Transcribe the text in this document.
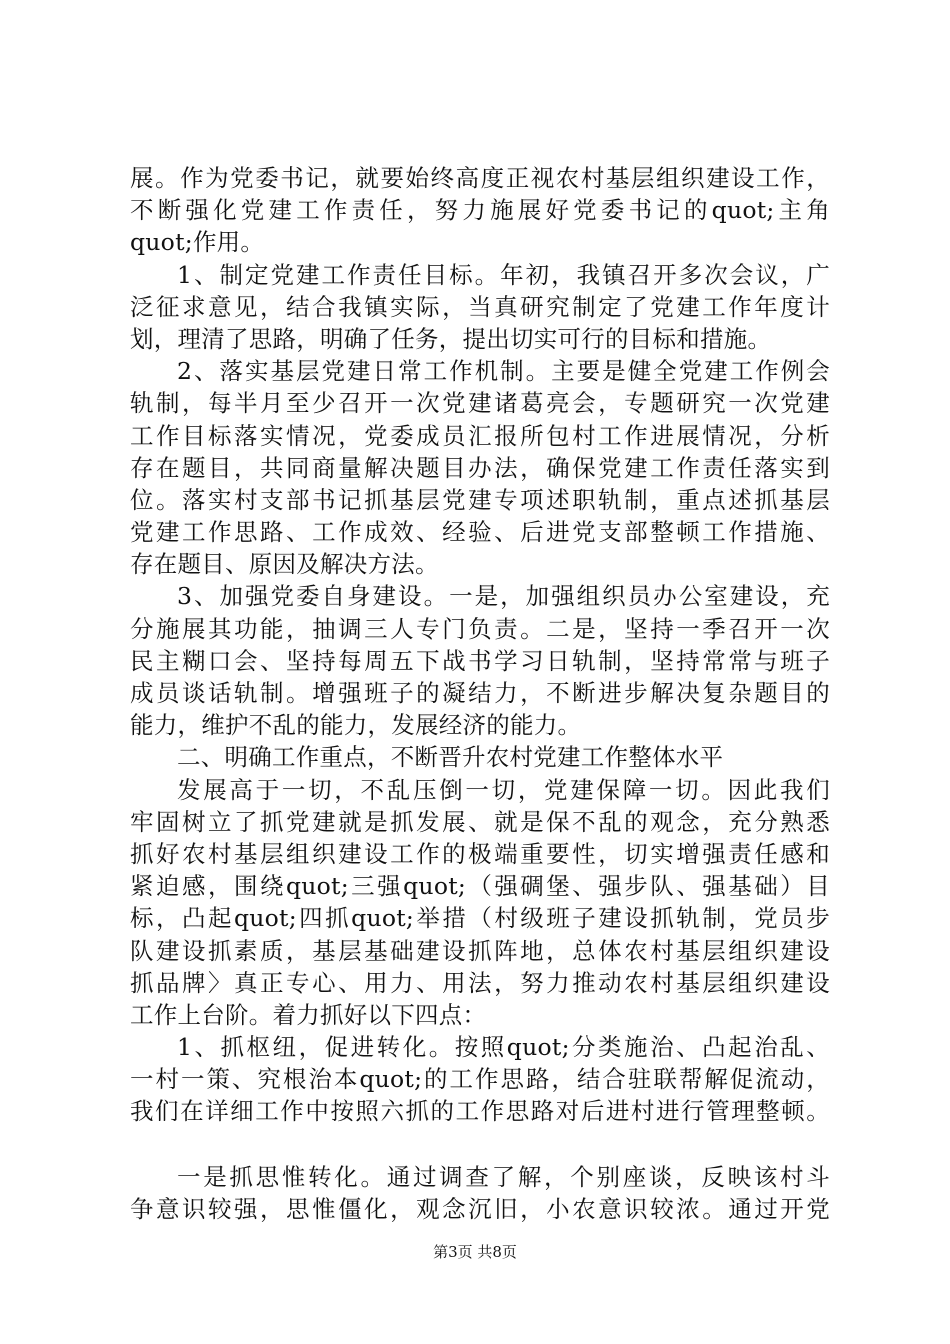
展。作为党委书记，就要始终高度正视农村基层组织建设工作，
不断强化党建工作责任，努力施展好党委书记的quot;主角
quot;作用。
1、制定党建工作责任目标。年初，我镇召开多次会议，广
泛征求意见，结合我镇实际，当真研究制定了党建工作年度计
划，理清了思路，明确了任务，提出切实可行的目标和措施。
2、落实基层党建日常工作机制。主要是健全党建工作例会
轨制，每半月至少召开一次党建诸葛亮会，专题研究一次党建
工作目标落实情况，党委成员汇报所包村工作进展情况，分析
存在题目，共同商量解决题目办法，确保党建工作责任落实到
位。落实村支部书记抓基层党建专项述职轨制，重点述抓基层
党建工作思路、工作成效、经验、后进党支部整顿工作措施、
存在题目、原因及解决方法。
3、加强党委自身建设。一是，加强组织员办公室建设，充
分施展其功能，抽调三人专门负责。二是，坚持一季召开一次
民主糊口会、坚持每周五下战书学习日轨制，坚持常常与班子
成员谈话轨制。增强班子的凝结力，不断进步解决复杂题目的
能力，维护不乱的能力，发展经济的能力。
二、明确工作重点，不断晋升农村党建工作整体水平
发展高于一切，不乱压倒一切，党建保障一切。因此我们
牢固树立了抓党建就是抓发展、就是保不乱的观念，充分熟悉
抓好农村基层组织建设工作的极端重要性，切实增强责任感和
紧迫感，围绕quot;三强quot;（强碉堡、强步队、强基础）目
标，凸起quot;四抓quot;举措（村级班子建设抓轨制，党员步
队建设抓素质，基层基础建设抓阵地，总体农村基层组织建设
抓品牌〉真正专心、用力、用法，努力推动农村基层组织建设
工作上台阶。着力抓好以下四点：
1、抓枢纽，促进转化。按照quot;分类施治、凸起治乱、
一村一策、究根治本quot;的工作思路，结合驻联帮解促流动，
我们在详细工作中按照六抓的工作思路对后进村进行管理整顿。
一是抓思惟转化。通过调查了解，个别座谈，反映该村斗
争意识较强，思惟僵化，观念沉旧，小农意识较浓。通过开党
第3页 共8页
